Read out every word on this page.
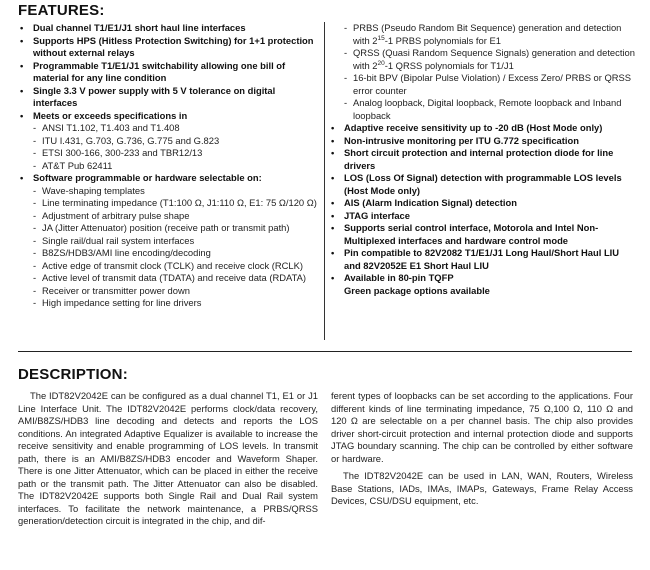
FEATURES:
•	Dual channel T1/E1/J1 short haul line interfaces
•	Supports HPS (Hitless Protection Switching) for 1+1 protection without external relays
•	Programmable T1/E1/J1 switchability allowing one bill of material for any line condition
•	Single 3.3 V power supply with 5 V tolerance on digital interfaces
•	Meets or exceeds specifications in
- ANSI T1.102, T1.403 and T1.408
- ITU I.431, G.703, G.736, G.775 and G.823
- ETSI 300-166, 300-233 and TBR12/13
- AT&T Pub 62411
•	Software programmable or hardware selectable on:
- Wave-shaping templates
- Line terminating impedance (T1:100 Ω, J1:110 Ω, E1: 75 Ω/120 Ω)
- Adjustment of arbitrary pulse shape
- JA (Jitter Attenuator) position (receive path or transmit path)
- Single rail/dual rail system interfaces
- B8ZS/HDB3/AMI line encoding/decoding
- Active edge of transmit clock (TCLK) and receive clock (RCLK)
- Active level of transmit data (TDATA) and receive data (RDATA)
- Receiver or transmitter power down
- High impedance setting for line drivers
- PRBS (Pseudo Random Bit Sequence) generation and detection with $2^{15}-1$ PRBS polynomials for E1
- QRSS (Quasi Random Sequence Signals) generation and detection with $2^{20}-1$ QRSS polynomials for T1/J1
- 16-bit BPV (Bipolar Pulse Violation) / Excess Zero/ PRBS or QRSS error counter
- Analog loopback, Digital loopback, Remote loopback and Inband loopback
•	Adaptive receive sensitivity up to -20 dB (Host Mode only)
•	Non-intrusive monitoring per ITU G.772 specification
•	Short circuit protection and internal protection diode for line drivers
•	LOS (Loss Of Signal) detection with programmable LOS levels (Host Mode only)
•	AIS (Alarm Indication Signal) detection
•	JTAG interface
•	Supports serial control interface, Motorola and Intel Non-Multiplexed interfaces and hardware control mode
•	Pin compatible to 82V2082 T1/E1/J1 Long Haul/Short Haul LIU and 82V2052E E1 Short Haul LIU
•	Available in 80-pin TQFP
Green package options available
DESCRIPTION:

The IDT82V2042E can be configured as a dual channel T1, E1 or J1 Line Interface Unit. The IDT82V2042E performs clock/data recovery, AMI/B8ZS/HDB3 line decoding and detects and reports the LOS conditions. An integrated Adaptive Equalizer is available to increase the receive sensitivity and enable programming of LOS levels. In transmit path, there is an AMI/B8ZS/HDB3 encoder and Waveform Shaper. There is one Jitter Attenuator, which can be placed in either the receive path or the transmit path. The Jitter Attenuator can also be disabled. The IDT82V2042E supports both Single Rail and Dual Rail system interfaces. To facilitate the network maintenance, a PRBS/QRSS generation/detection circuit is integrated in the chip, and dif-

ferent types of loopbacks can be set according to the applications. Four different kinds of line terminating impedance, 75 Ω,100 Ω, 110 Ω and 120 Ω are selectable on a per channel basis. The chip also provides driver short-circuit protection and internal protection diode and supports JTAG boundary scanning. The chip can be controlled by either software or hardware.

The IDT82V2042E can be used in LAN, WAN, Routers, Wireless Base Stations, IADs, IMAs, IMAPs, Gateways, Frame Relay Access Devices, CSU/DSU equipment, etc.
